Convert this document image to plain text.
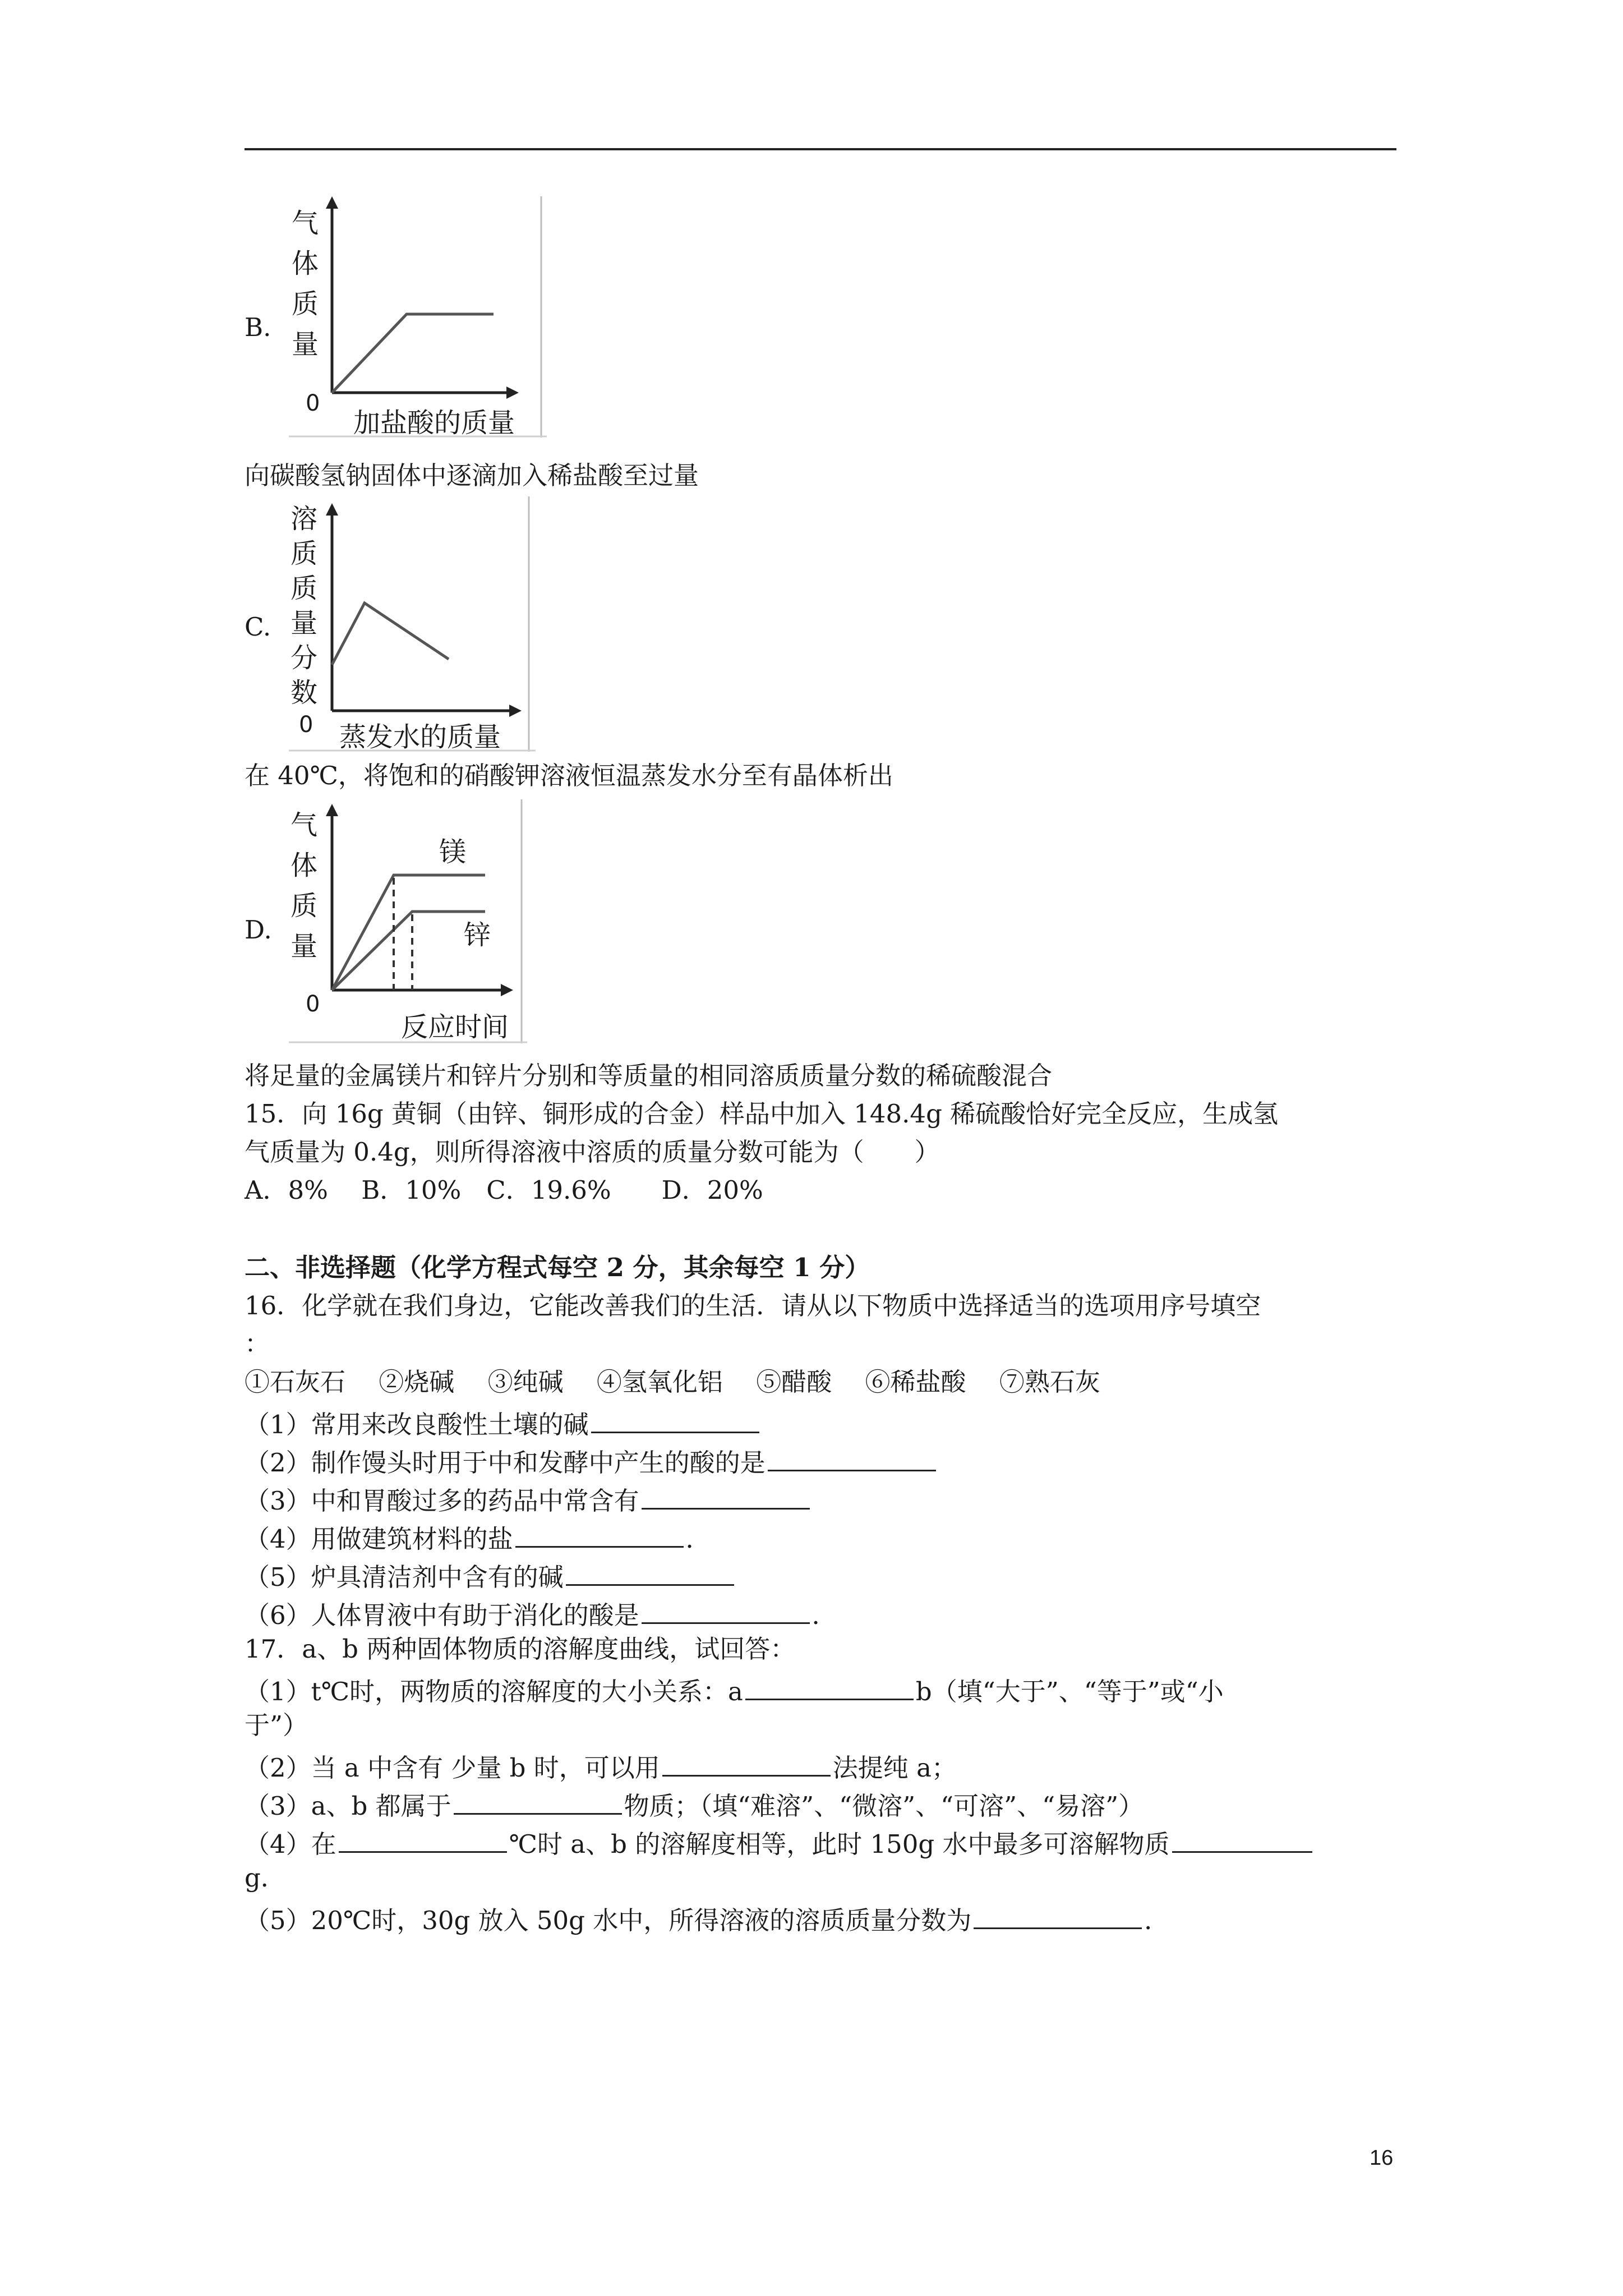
B.
气
体
质
量
0
加盐酸的质量
向碳酸氢钠固体中逐滴加入稀盐酸至过量
C.
溶
质
质
量
分
数
0 蒸发水的质量
在 40℃，将饱和的硝酸钾溶液恒温蒸发水分至有晶体析出
D.
镁
锌
气
体
质
量
0
反应时间
将足量的金属镁片和锌片分别和等质量的相同溶质质量分数的稀硫酸混合
15．向 16g 黄铜（由锌、铜形成的合金）样品中加入 148.4g 稀硫酸恰好完全反应，生成氢
气质量为 0.4g，则所得溶液中溶质的质量分数可能为（　　）
A．8%　 B．10%　C．19.6%　　D．20%
二、非选择题（化学方程式每空 2 分，其余每空 1 分）
16．化学就在我们身边，它能改善我们的生活．请从以下物质中选择适当的选项用序号填空
：
①石灰石　 ②烧碱　 ③纯碱　 ④氢氧化铝　 ⑤醋酸　 ⑥稀盐酸　 ⑦熟石灰
（1）常用来改良酸性土壤的碱
（2）制作馒头时用于中和发酵中产生的酸的是
（3）中和胃酸过多的药品中常含有
（4）用做建筑材料的盐	．
（5）炉具清洁剂中含有的碱
（6）人体胃液中有助于消化的酸是	．
17．a、b 两种固体物质的溶解度曲线，试回答：
（1）t℃时，两物质的溶解度的大小关系：a	b（填“大于”、“等于”或“小
于”）
（2）当 a 中含有 少量 b 时，可以用	法提纯 a；
（3）a、b 都属于	物质；（填“难溶”、“微溶”、“可溶”、“易溶”）
（4）在	℃时 a、b 的溶解度相等，此时 150g 水中最多可溶解物质
g．
（5）20℃时，30g 放入 50g 水中，所得溶液的溶质质量分数为	．
16
